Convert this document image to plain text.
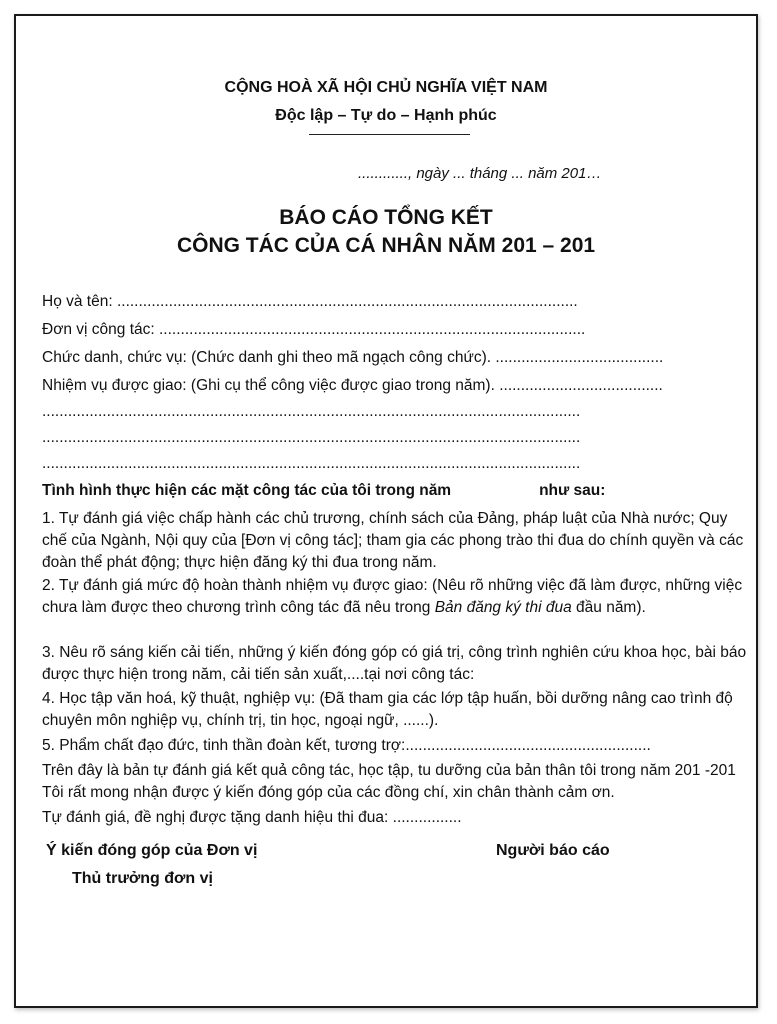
CỘNG HOÀ XÃ HỘI CHỦ NGHĨA VIỆT NAM
Độc lập – Tự do – Hạnh phúc
............, ngày ... tháng ... năm 201…
BÁO CÁO TỔNG KẾT
CÔNG TÁC CỦA CÁ NHÂN NĂM 201 – 201
Họ và tên: ...........................................................................................................
Đơn vị công tác: ...................................................................................................
Chức danh, chức vụ: (Chức danh ghi theo mã ngạch công chức). .......................................
Nhiệm vụ được giao: (Ghi cụ thể công việc được giao trong năm). ......................................
.............................................................................................................................
.............................................................................................................................
.............................................................................................................................
Tình hình thực hiện các mặt công tác của tôi trong năm	như sau:
1. Tự đánh giá việc chấp hành các chủ trương, chính sách của Đảng, pháp luật của Nhà nước; Quy chế của Ngành, Nội quy của [Đơn vị công tác]; tham gia các phong trào thi đua do chính quyền và các đoàn thể phát động; thực hiện đăng ký thi đua trong năm.
2. Tự đánh giá mức độ hoàn thành nhiệm vụ được giao: (Nêu rõ những việc đã làm được, những việc chưa làm được theo chương trình công tác đã nêu trong Bản đăng ký thi đua đầu năm).
3. Nêu rõ sáng kiến cải tiến, những ý kiến đóng góp có giá trị, công trình nghiên cứu khoa học, bài báo được thực hiện trong năm, cải tiến sản xuất,....tại nơi công tác:
4. Học tập văn hoá, kỹ thuật, nghiệp vụ: (Đã tham gia các lớp tập huấn, bồi dưỡng nâng cao trình độ chuyên môn nghiệp vụ, chính trị, tin học, ngoại ngữ, ......).
5. Phẩm chất đạo đức, tinh thần đoàn kết, tương trợ:.........................................................
Trên đây là bản tự đánh giá kết quả công tác, học tập, tu dưỡng của bản thân tôi trong năm 201 -201 Tôi rất mong nhận được ý kiến đóng góp của các đồng chí, xin chân thành cảm ơn.
Tự đánh giá, đề nghị được tặng danh hiệu thi đua: ................
Ý kiến đóng góp của Đơn vị
Thủ trưởng đơn vị
Người báo cáo
